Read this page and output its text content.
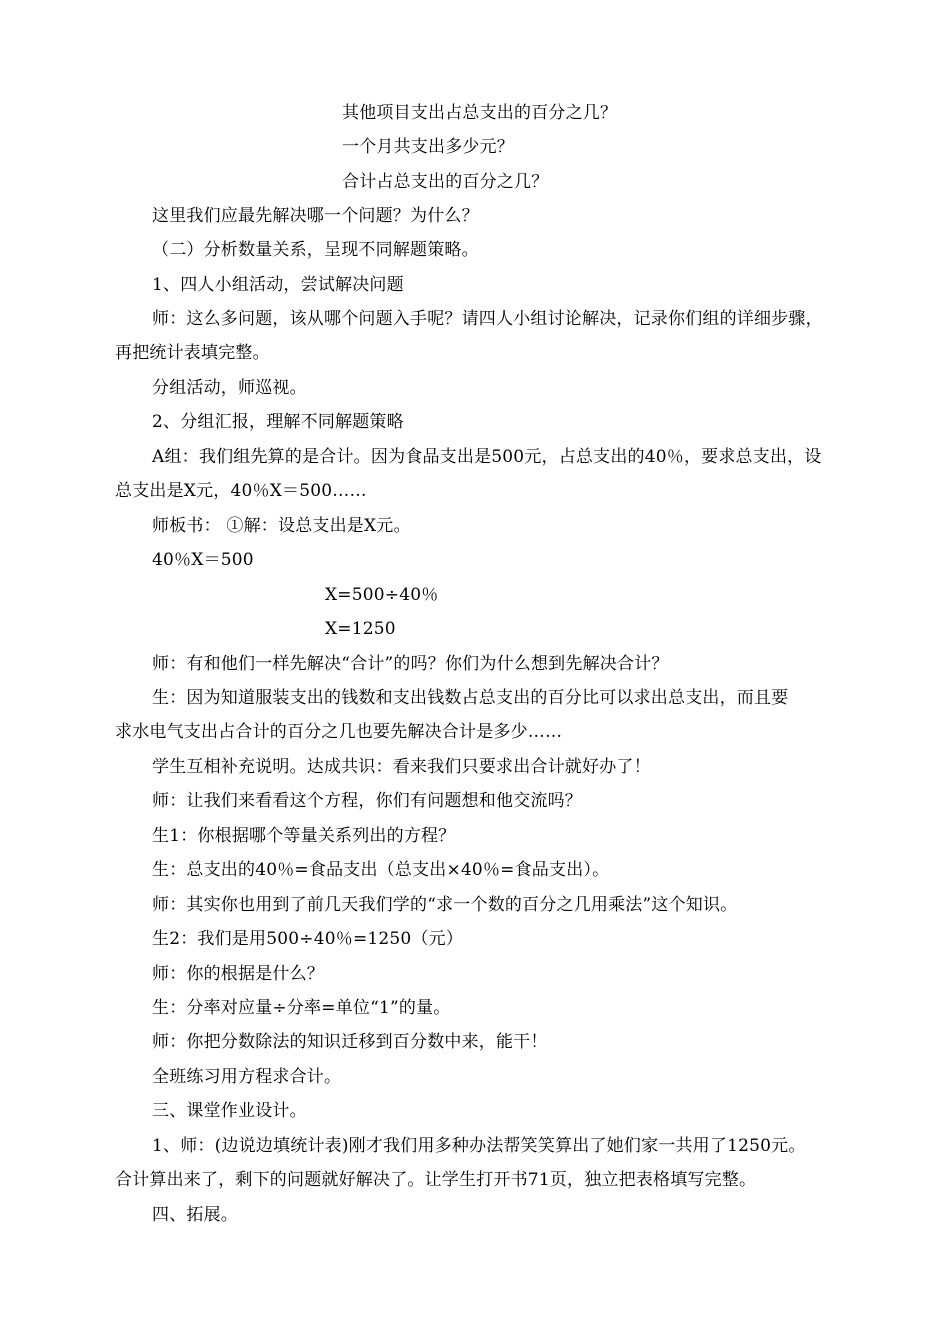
其他项目支出占总支出的百分之几？
一个月共支出多少元？
合计占总支出的百分之几？
这里我们应最先解决哪一个问题？为什么？
（二）分析数量关系，呈现不同解题策略。
1、四人小组活动，尝试解决问题
师：这么多问题，该从哪个问题入手呢？请四人小组讨论解决，记录你们组的详细步骤，
再把统计表填完整。
分组活动，师巡视。
2、分组汇报，理解不同解题策略
A组：我们组先算的是合计。因为食品支出是500元，占总支出的40％，要求总支出，设
总支出是X元，40％X＝500……
师板书： ①解：设总支出是X元。
40％X＝500
X=500÷40％
X=1250
师：有和他们一样先解决“合计”的吗？你们为什么想到先解决合计？
生：因为知道服装支出的钱数和支出钱数占总支出的百分比可以求出总支出，而且要
求水电气支出占合计的百分之几也要先解决合计是多少……
学生互相补充说明。达成共识：看来我们只要求出合计就好办了！
师：让我们来看看这个方程，你们有问题想和他交流吗？
生1：你根据哪个等量关系列出的方程？
生：总支出的40％=食品支出（总支出×40％=食品支出）。
师：其实你也用到了前几天我们学的“求一个数的百分之几用乘法”这个知识。
生2：我们是用500÷40％=1250（元）
师：你的根据是什么？
生：分率对应量÷分率=单位“1”的量。
师：你把分数除法的知识迁移到百分数中来，能干！
全班练习用方程求合计。
三、课堂作业设计。
1、师：(边说边填统计表)刚才我们用多种办法帮笑笑算出了她们家一共用了1250元。
合计算出来了，剩下的问题就好解决了。让学生打开书71页，独立把表格填写完整。
四、拓展。
